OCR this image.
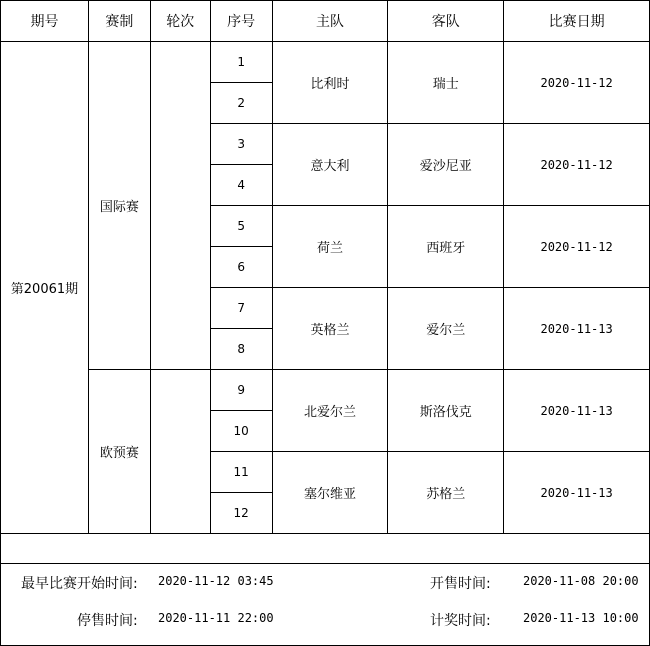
期号	赛制	轮次	序号	主队	客队	比赛日期
第20061期	国际赛		1	比利时	瑞士	2020-11-12
			2			
			3	意大利	爱沙尼亚	2020-11-12
			4			
			5	荷兰	西班牙	2020-11-12
			6			
			7	英格兰	爱尔兰	2020-11-13
			8			
	欧预赛		9	北爱尔兰	斯洛伐克	2020-11-13
			10			
			11	塞尔维亚	苏格兰	2020-11-13
			12			

最早比赛开始时间: 2020-11-12 03:45	开售时间:	2020-11-08 20:00
停售时间: 2020-11-11 22:00	计奖时间:	2020-11-13 10:00
